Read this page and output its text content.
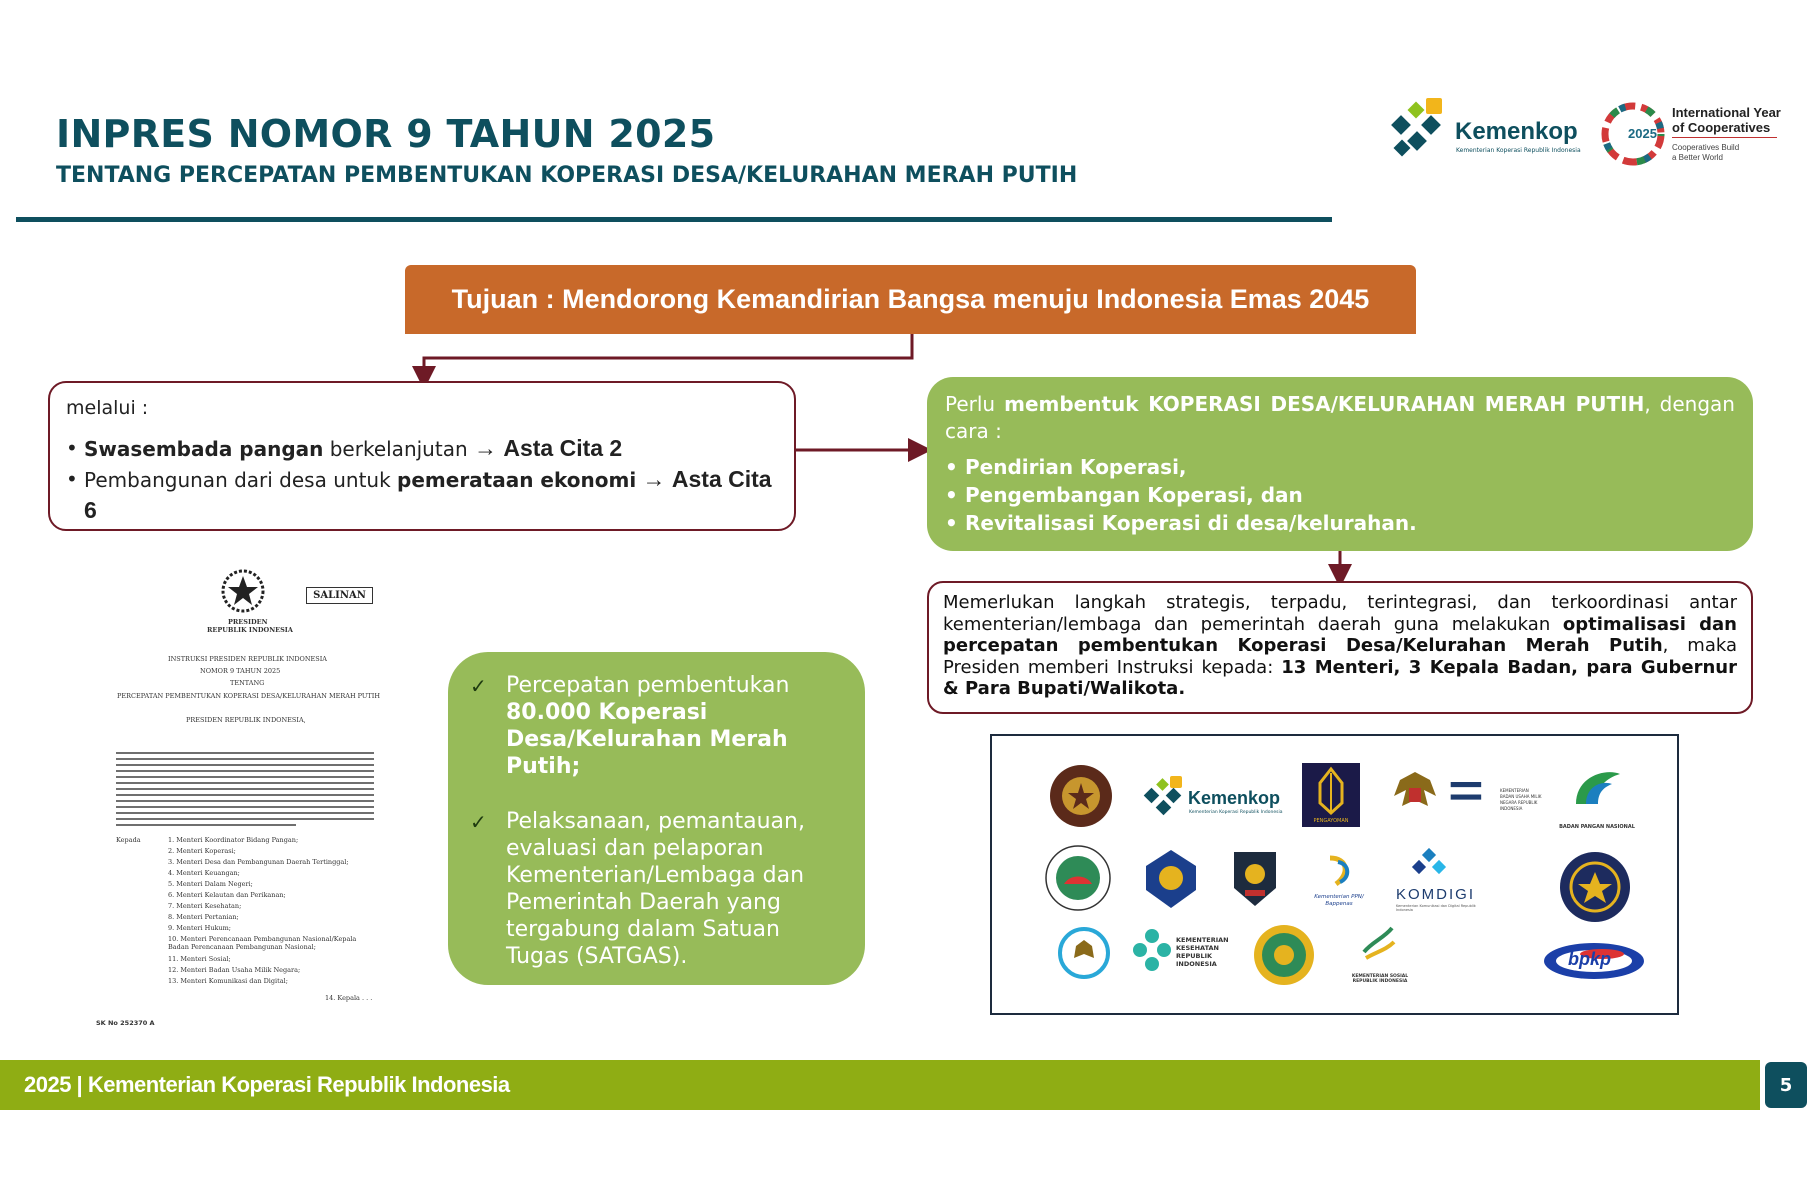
INPRES NOMOR 9 TAHUN 2025
TENTANG PERCEPATAN PEMBENTUKAN KOPERASI DESA/KELURAHAN MERAH PUTIH
Kemenkop
Kementerian Koperasi Republik Indonesia
2025
International Year
of Cooperatives
Cooperatives Build
a Better World
Tujuan : Mendorong Kemandirian Bangsa menuju Indonesia Emas 2045
melalui :
• Swasembada pangan berkelanjutan → Asta Cita 2
• Pembangunan dari desa untuk pemerataan ekonomi → Asta Cita 6
Perlu membentuk KOPERASI DESA/KELURAHAN MERAH PUTIH, dengan cara :
• Pendirian Koperasi,
• Pengembangan Koperasi, dan
• Revitalisasi Koperasi di desa/kelurahan.
Memerlukan langkah strategis, terpadu, terintegrasi, dan terkoordinasi antar kementerian/lembaga dan pemerintah daerah guna melakukan optimalisasi dan percepatan pembentukan Koperasi Desa/Kelurahan Merah Putih, maka Presiden memberi Instruksi kepada: 13 Menteri, 3 Kepala Badan, para Gubernur & Para Bupati/Walikota.
SALINAN
PRESIDEN
REPUBLIK INDONESIA
INSTRUKSI PRESIDEN REPUBLIK INDONESIA
NOMOR 9 TAHUN 2025
TENTANG
PERCEPATAN PEMBENTUKAN KOPERASI DESA/KELURAHAN MERAH PUTIH
PRESIDEN REPUBLIK INDONESIA,
Kepada	1. Menteri Koordinator Bidang Pangan;
2. Menteri Koperasi;
3. Menteri Desa dan Pembangunan Daerah Tertinggal;
4. Menteri Keuangan;
5. Menteri Dalam Negeri;
6. Menteri Kelautan dan Perikanan;
7. Menteri Kesehatan;
8. Menteri Pertanian;
9. Menteri Hukum;
10. Menteri Perencanaan Pembangunan Nasional/Kepala
Badan Perencanaan Pembangunan Nasional;
11. Menteri Sosial;
12. Menteri Badan Usaha Milik Negara;
13. Menteri Komunikasi dan Digital;
14. Kepala . . .
SK No 252370 A
✓ Percepatan pembentukan 80.000 Koperasi Desa/Kelurahan Merah Putih;
✓ Pelaksanaan, pemantauan, evaluasi dan pelaporan Kementerian/Lembaga dan Pemerintah Daerah yang tergabung dalam Satuan Tugas (SATGAS).
Kemenkop
Kementerian Koperasi Republik Indonesia
PENGAYOMAN
⚌	KEMENTERIAN BADAN USAHA MILIK NEGARA REPUBLIK INDONESIA
BADAN PANGAN NASIONAL
Kementerian PPN/ Bappenas
KOMDIGI
Kementerian Komunikasi dan Digital Republik Indonesia
KEMENTERIAN KESEHATAN REPUBLIK INDONESIA
KEMENTERIAN SOSIAL REPUBLIK INDONESIA
bpkp
2025 | Kementerian Koperasi Republik Indonesia	5
